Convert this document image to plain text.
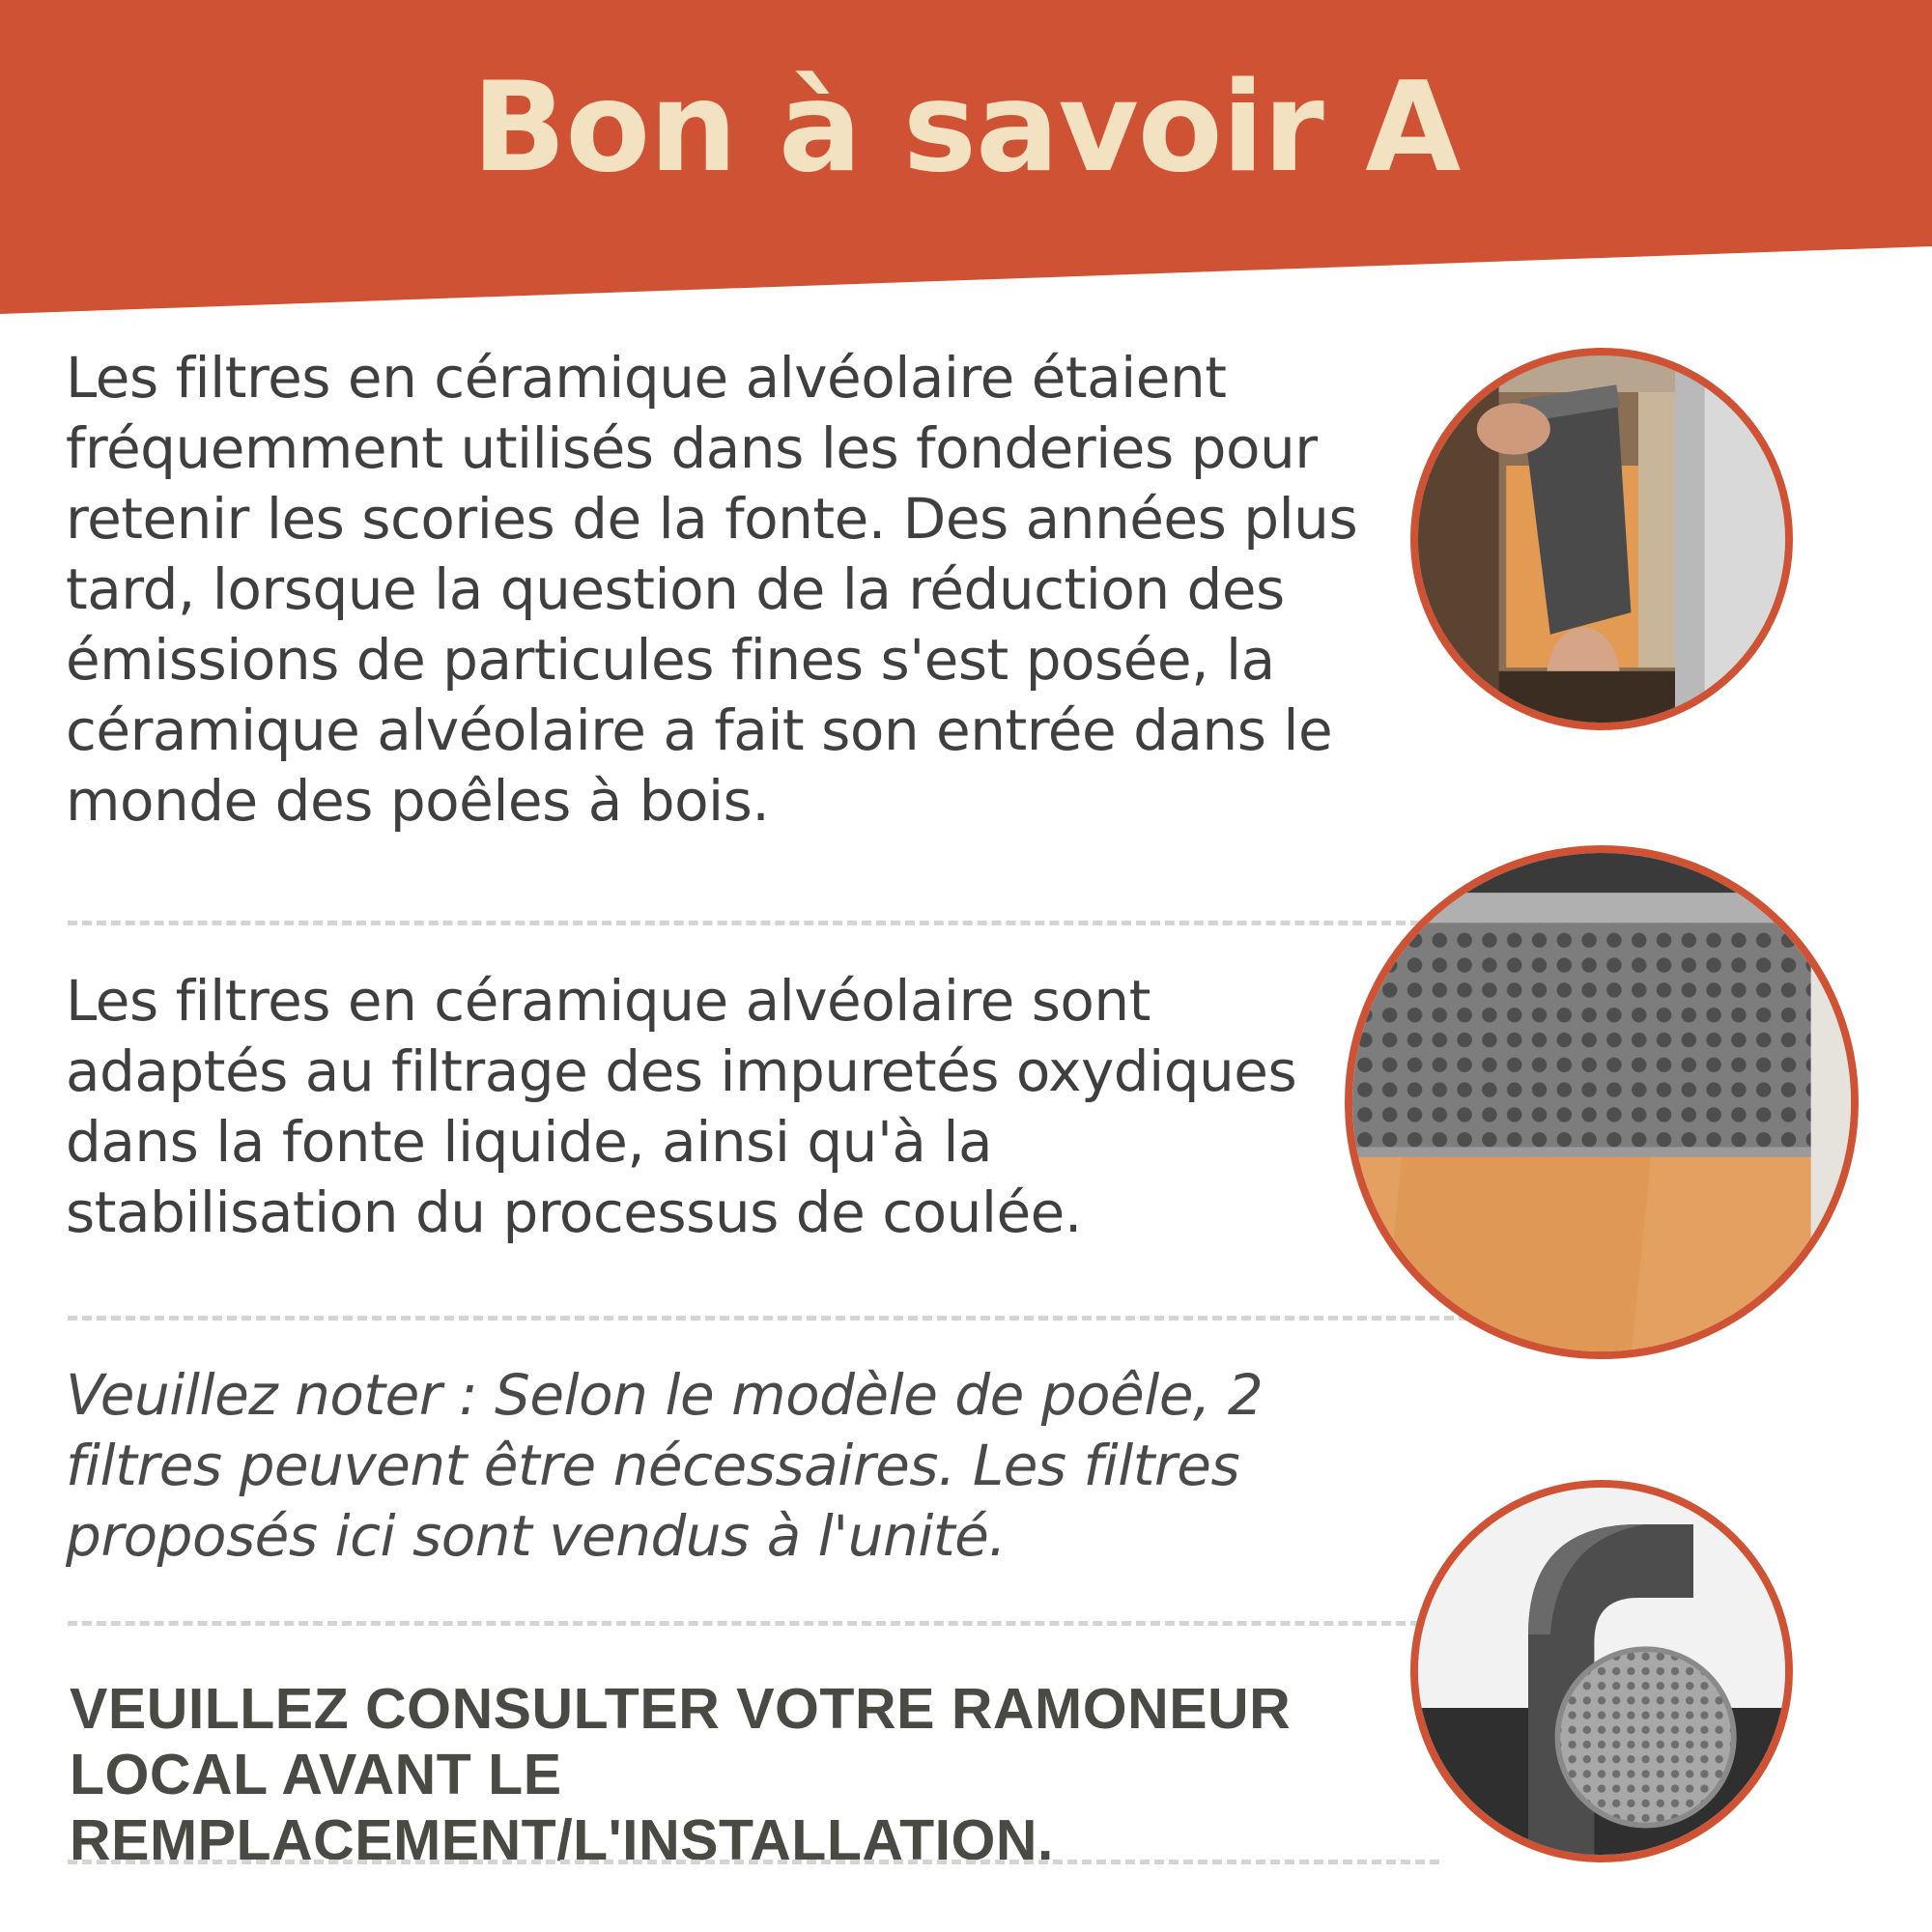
Bon à savoir A

Les filtres en céramique alvéolaire étaient fréquemment utilisés dans les fonderies pour retenir les scories de la fonte. Des années plus tard, lorsque la question de la réduction des émissions de particules fines s'est posée, la céramique alvéolaire a fait son entrée dans le monde des poêles à bois.

Les filtres en céramique alvéolaire sont adaptés au filtrage des impuretés oxydiques dans la fonte liquide, ainsi qu'à la stabilisation du processus de coulée.

Veuillez noter : Selon le modèle de poêle, 2 filtres peuvent être nécessaires. Les filtres proposés ici sont vendus à l'unité.

VEUILLEZ CONSULTER VOTRE RAMONEUR LOCAL AVANT LE REMPLACEMENT/L'INSTALLATION.
